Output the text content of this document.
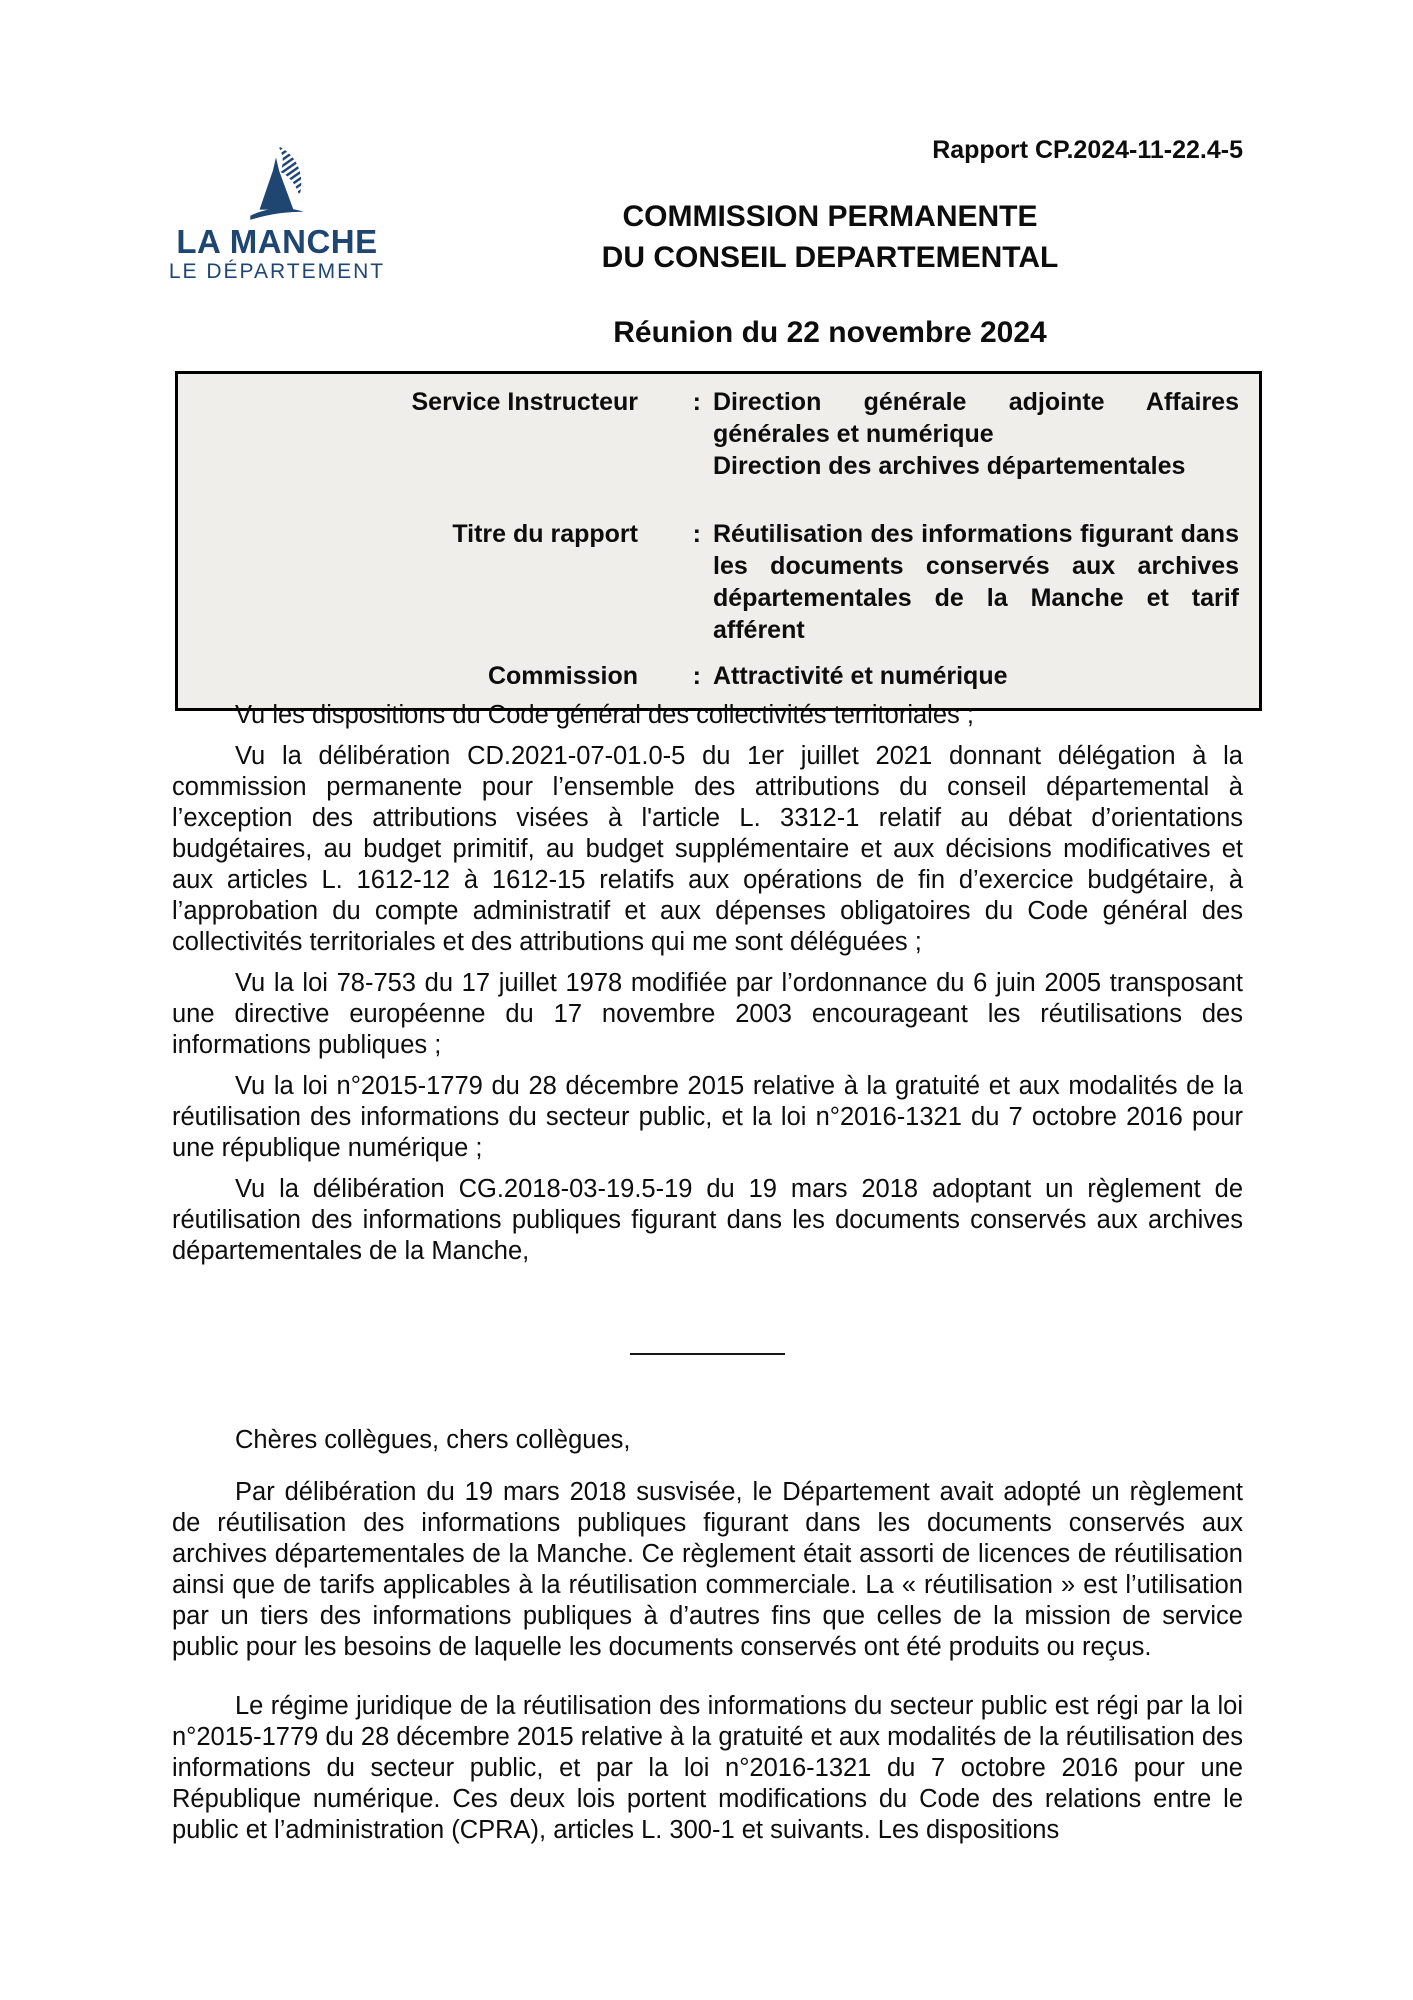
LA MANCHE
LE DÉPARTEMENT
Rapport CP.2024-11-22.4-5
COMMISSION PERMANENTE
DU CONSEIL DEPARTEMENTAL
Réunion du 22 novembre 2024
Service Instructeur	: Direction générale adjointe Affaires générales et numérique
Direction des archives départementales
Titre du rapport	: Réutilisation des informations figurant dans les documents conservés aux archives départementales de la Manche et tarif afférent
Commission	: Attractivité et numérique

Vu les dispositions du Code général des collectivités territoriales ;

Vu la délibération CD.2021-07-01.0-5 du 1er juillet 2021 donnant délégation à la commission permanente pour l’ensemble des attributions du conseil départemental à l’exception des attributions visées à l'article L. 3312-1 relatif au débat d’orientations budgétaires, au budget primitif, au budget supplémentaire et aux décisions modificatives et aux articles L. 1612-12 à 1612-15 relatifs aux opérations de fin d’exercice budgétaire, à l’approbation du compte administratif et aux dépenses obligatoires du Code général des collectivités territoriales et des attributions qui me sont déléguées ;

Vu la loi 78-753 du 17 juillet 1978 modifiée par l’ordonnance du 6 juin 2005 transposant une directive européenne du 17 novembre 2003 encourageant les réutilisations des informations publiques ;

Vu la loi n°2015-1779 du 28 décembre 2015 relative à la gratuité et aux modalités de la réutilisation des informations du secteur public, et la loi n°2016-1321 du 7 octobre 2016 pour une république numérique ;

Vu la délibération CG.2018-03-19.5-19 du 19 mars 2018 adoptant un règlement de réutilisation des informations publiques figurant dans les documents conservés aux archives départementales de la Manche,

Chères collègues, chers collègues,

Par délibération du 19 mars 2018 susvisée, le Département avait adopté un règlement de réutilisation des informations publiques figurant dans les documents conservés aux archives départementales de la Manche. Ce règlement était assorti de licences de réutilisation ainsi que de tarifs applicables à la réutilisation commerciale. La « réutilisation » est l’utilisation par un tiers des informations publiques à d’autres fins que celles de la mission de service public pour les besoins de laquelle les documents conservés ont été produits ou reçus.

Le régime juridique de la réutilisation des informations du secteur public est régi par la loi n°2015-1779 du 28 décembre 2015 relative à la gratuité et aux modalités de la réutilisation des informations du secteur public, et par la loi n°2016-1321 du 7 octobre 2016 pour une République numérique. Ces deux lois portent modifications du Code des relations entre le public et l’administration (CPRA), articles L. 300-1 et suivants. Les dispositions
